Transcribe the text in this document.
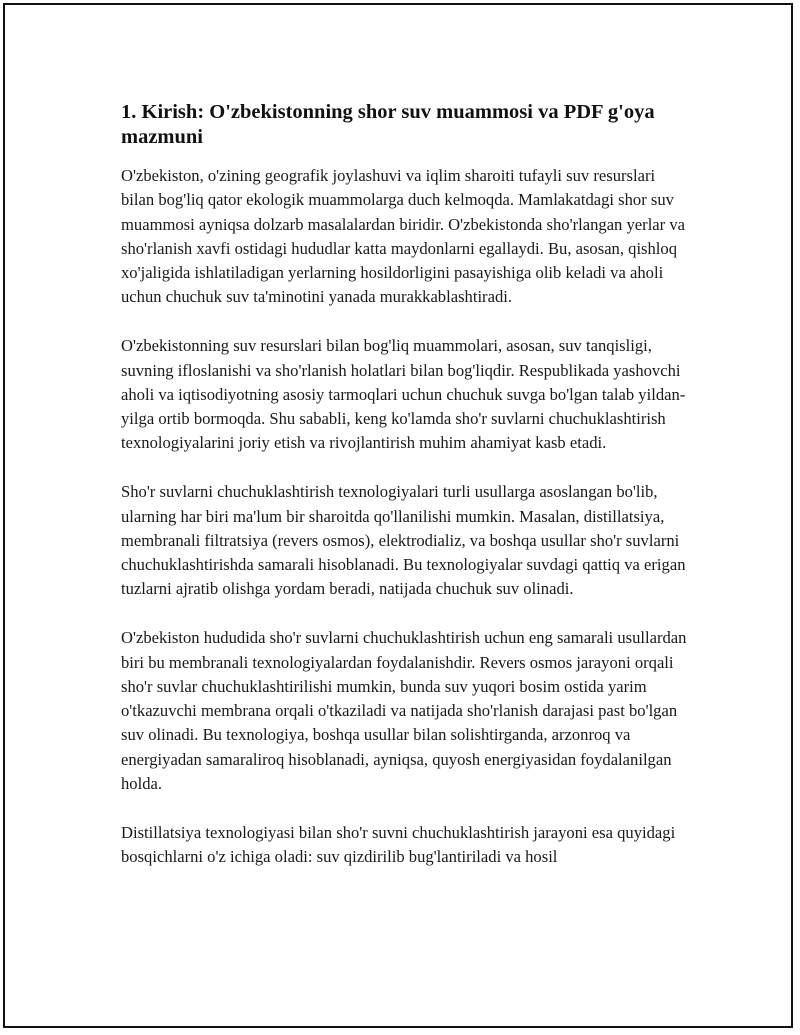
1. Kirish: O'zbekistonning shor suv muammosi va PDF g'oya mazmuni

O'zbekiston, o'zining geografik joylashuvi va iqlim sharoiti tufayli suv resurslari bilan bog'liq qator ekologik muammolarga duch kelmoqda. Mamlakatdagi shor suv muammosi ayniqsa dolzarb masalalardan biridir. O'zbekistonda sho'rlangan yerlar va sho'rlanish xavfi ostidagi hududlar katta maydonlarni egallaydi. Bu, asosan, qishloq xo'jaligida ishlatiladigan yerlarning hosildorligini pasayishiga olib keladi va aholi uchun chuchuk suv ta'minotini yanada murakkablashtiradi.

O'zbekistonning suv resurslari bilan bog'liq muammolari, asosan, suv tanqisligi, suvning ifloslanishi va sho'rlanish holatlari bilan bog'liqdir. Respublikada yashovchi aholi va iqtisodiyotning asosiy tarmoqlari uchun chuchuk suvga bo'lgan talab yildan-yilga ortib bormoqda. Shu sababli, keng ko'lamda sho'r suvlarni chuchuklashtirish texnologiyalarini joriy etish va rivojlantirish muhim ahamiyat kasb etadi.

Sho'r suvlarni chuchuklashtirish texnologiyalari turli usullarga asoslangan bo'lib, ularning har biri ma'lum bir sharoitda qo'llanilishi mumkin. Masalan, distillatsiya, membranali filtratsiya (revers osmos), elektrodializ, va boshqa usullar sho'r suvlarni chuchuklashtirishda samarali hisoblanadi. Bu texnologiyalar suvdagi qattiq va erigan tuzlarni ajratib olishga yordam beradi, natijada chuchuk suv olinadi.

O'zbekiston hududida sho'r suvlarni chuchuklashtirish uchun eng samarali usullardan biri bu membranali texnologiyalardan foydalanishdir. Revers osmos jarayoni orqali sho'r suvlar chuchuklashtirilishi mumkin, bunda suv yuqori bosim ostida yarim o'tkazuvchi membrana orqali o'tkaziladi va natijada sho'rlanish darajasi past bo'lgan suv olinadi. Bu texnologiya, boshqa usullar bilan solishtirganda, arzonroq va energiyadan samaraliroq hisoblanadi, ayniqsa, quyosh energiyasidan foydalanilgan holda.

Distillatsiya texnologiyasi bilan sho'r suvni chuchuklashtirish jarayoni esa quyidagi bosqichlarni o'z ichiga oladi: suv qizdirilib bug'lantiriladi va hosil
